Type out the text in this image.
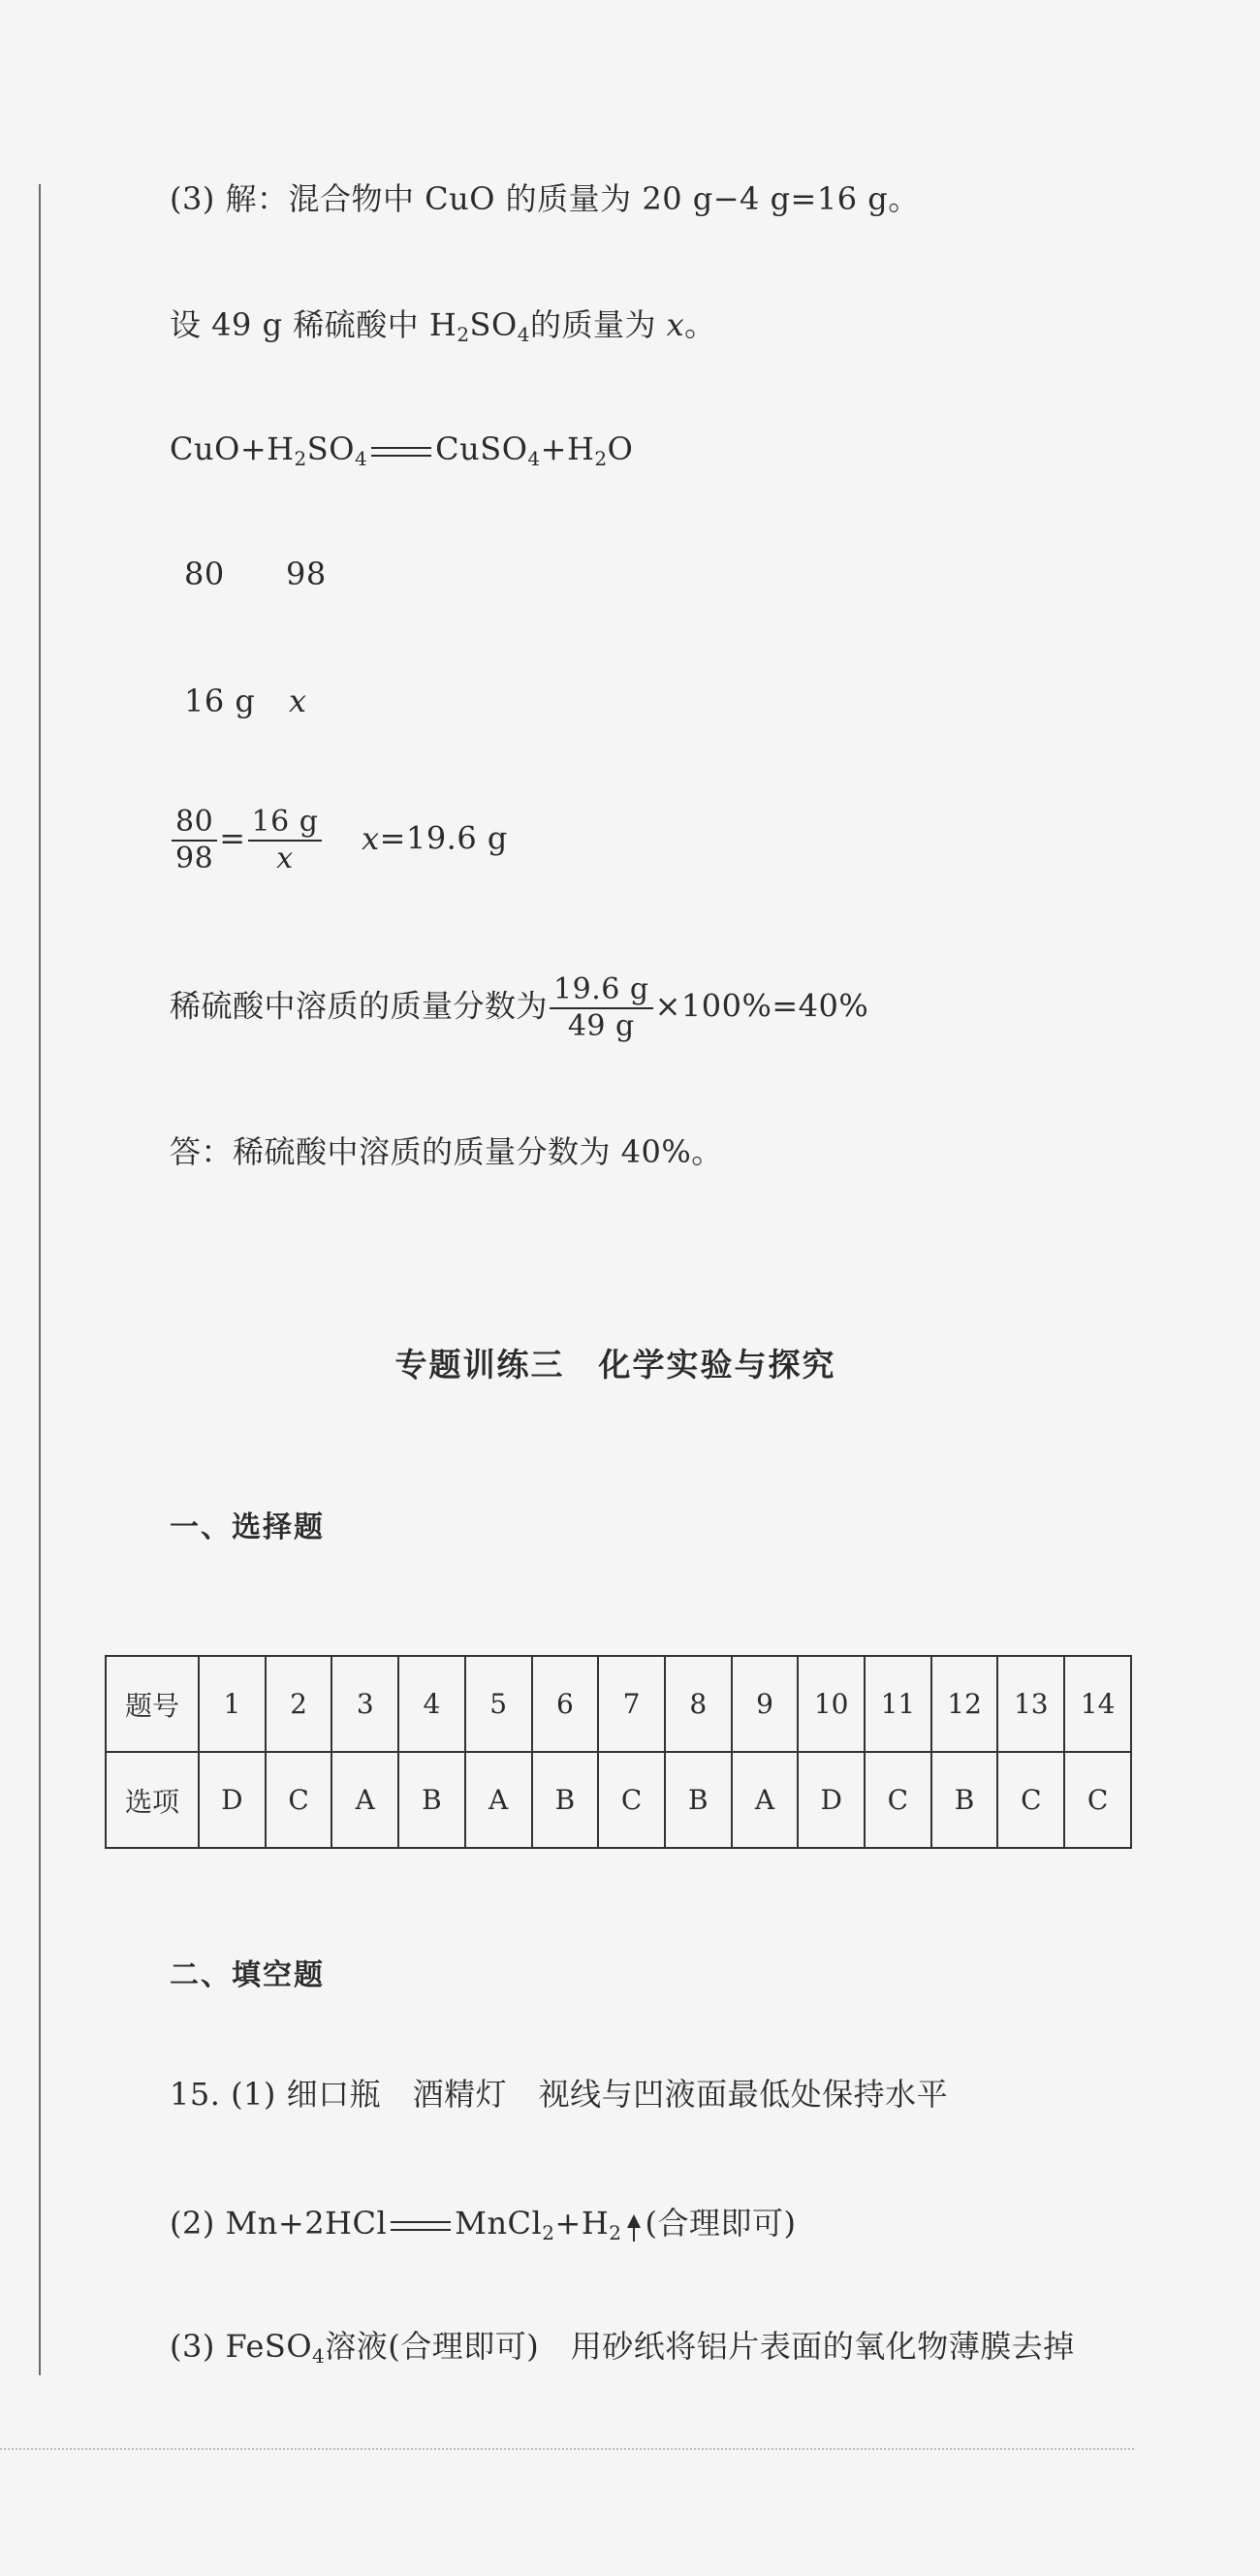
(3) 解：混合物中 CuO 的质量为 20 g−4 g=16 g。
设 49 g 稀硫酸中 $H_2SO_4$的质量为 x。
$CuO+H_2SO_4$ $CuSO_4+H_2O$
80 98
16 g x
$\frac{80}{98} = \frac{16 g}{x} x=19.6$ g
稀硫酸中溶质的质量分数为 $\frac{19.6 g}{49 g} \times 100\%=40\%$
答：稀硫酸中溶质的质量分数为 40%。
专题训练三　化学实验与探究
一、选择题
题号	1	2	3	4	5	6	7	8	9	10	11	12	13	14
选项	D	C	A	B	A	B	C	B	A	D	C	B	C	C
二、填空题
15. (1) 细口瓶　酒精灯　视线与凹液面最低处保持水平
(2) Mn+2HCl $MnCl_2+H_2$ (合理即可)
(3) FeSO$_4$溶液(合理即可)　用砂纸将铝片表面的氧化物薄膜去掉
